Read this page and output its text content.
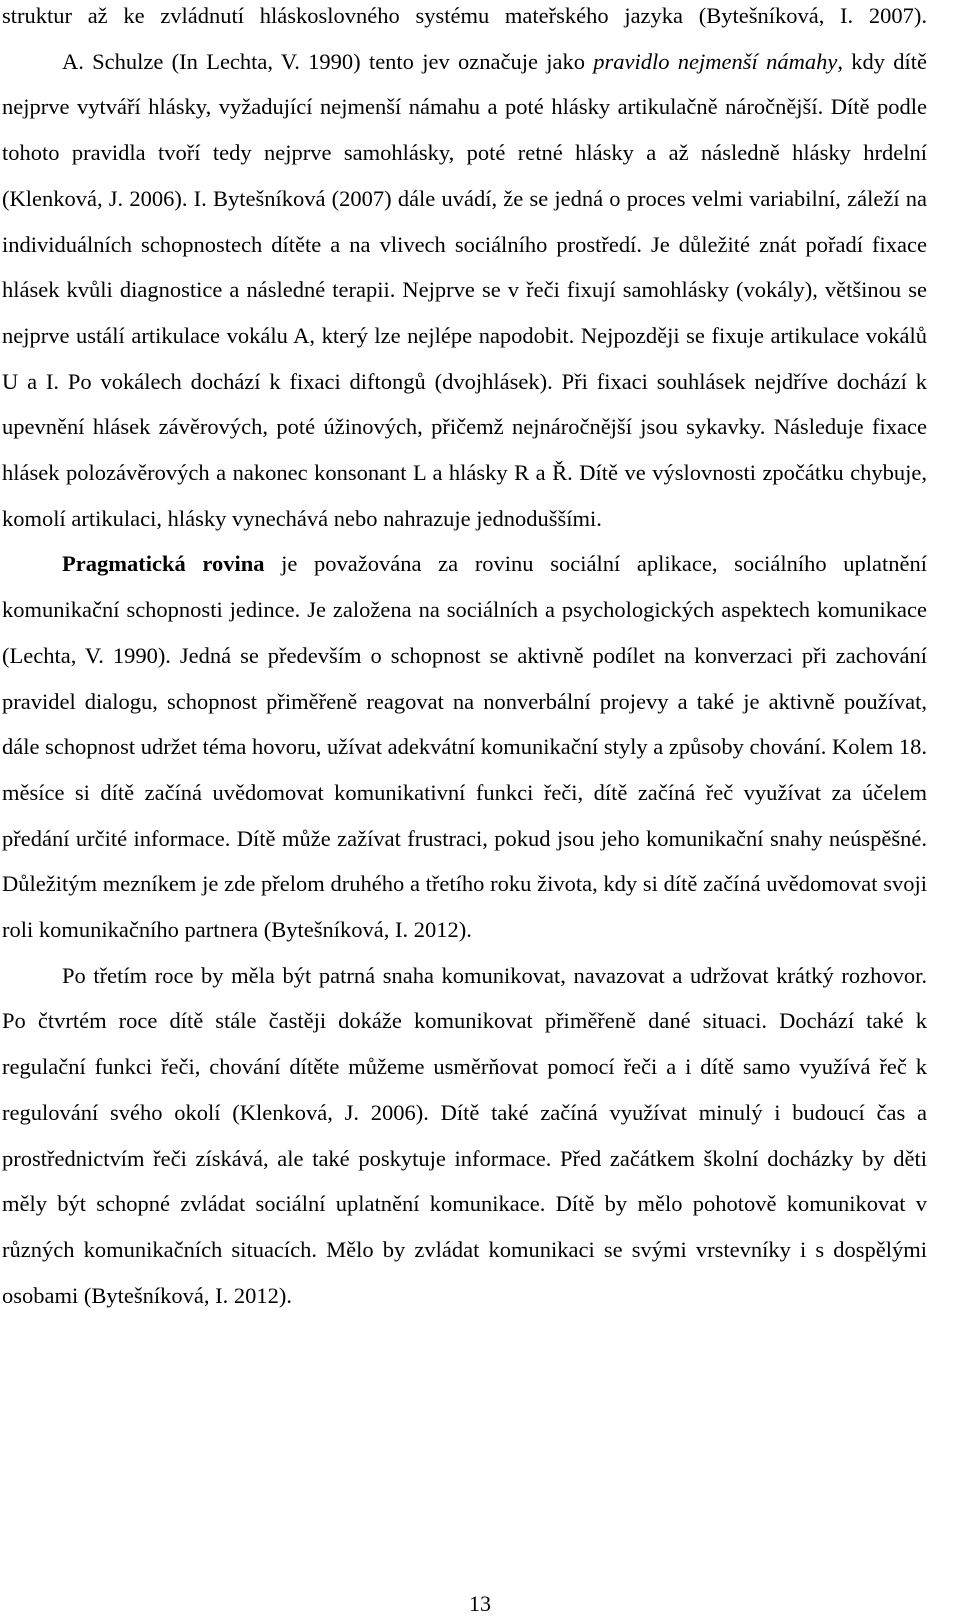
struktur až ke zvládnutí hláskoslovného systému mateřského jazyka (Bytešníková, I. 2007).

A. Schulze (In Lechta, V. 1990) tento jev označuje jako pravidlo nejmenší námahy, kdy dítě nejprve vytváří hlásky, vyžadující nejmenší námahu a poté hlásky artikulačně náročnější. Dítě podle tohoto pravidla tvoří tedy nejprve samohlásky, poté retné hlásky a až následně hlásky hrdelní (Klenková, J. 2006). I. Bytešníková (2007) dále uvádí, že se jedná o proces velmi variabilní, záleží na individuálních schopnostech dítěte a na vlivech sociálního prostředí. Je důležité znát pořadí fixace hlásek kvůli diagnostice a následné terapii. Nejprve se v řeči fixují samohlásky (vokály), většinou se nejprve ustálí artikulace vokálu A, který lze nejlépe napodobit. Nejpozději se fixuje artikulace vokálů U a I. Po vokálech dochází k fixaci diftongů (dvojhlásek). Při fixaci souhlásek nejdříve dochází k upevnění hlásek závěrových, poté úžinových, přičemž nejnáročnější jsou sykavky. Následuje fixace hlásek polozávěrových a nakonec konsonant L a hlásky R a Ř. Dítě ve výslovnosti zpočátku chybuje, komolí artikulaci, hlásky vynechává nebo nahrazuje jednoduššími.

Pragmatická rovina je považována za rovinu sociální aplikace, sociálního uplatnění komunikační schopnosti jedince. Je založena na sociálních a psychologických aspektech komunikace (Lechta, V. 1990). Jedná se především o schopnost se aktivně podílet na konverzaci při zachování pravidel dialogu, schopnost přiměřeně reagovat na nonverbální projevy a také je aktivně používat, dále schopnost udržet téma hovoru, užívat adekvátní komunikační styly a způsoby chování. Kolem 18. měsíce si dítě začíná uvědomovat komunikativní funkci řeči, dítě začíná řeč využívat za účelem předání určité informace. Dítě může zažívat frustraci, pokud jsou jeho komunikační snahy neúspěšné. Důležitým mezníkem je zde přelom druhého a třetího roku života, kdy si dítě začíná uvědomovat svoji roli komunikačního partnera (Bytešníková, I. 2012).

Po třetím roce by měla být patrná snaha komunikovat, navazovat a udržovat krátký rozhovor. Po čtvrtém roce dítě stále častěji dokáže komunikovat přiměřeně dané situaci. Dochází také k regulační funkci řeči, chování dítěte můžeme usměrňovat pomocí řeči a i dítě samo využívá řeč k regulování svého okolí (Klenková, J. 2006). Dítě také začíná využívat minulý i budoucí čas a prostřednictvím řeči získává, ale také poskytuje informace. Před začátkem školní docházky by děti měly být schopné zvládat sociální uplatnění komunikace. Dítě by mělo pohotově komunikovat v různých komunikačních situacích. Mělo by zvládat komunikaci se svými vrstevníky i s dospělými osobami (Bytešníková, I. 2012).

13
